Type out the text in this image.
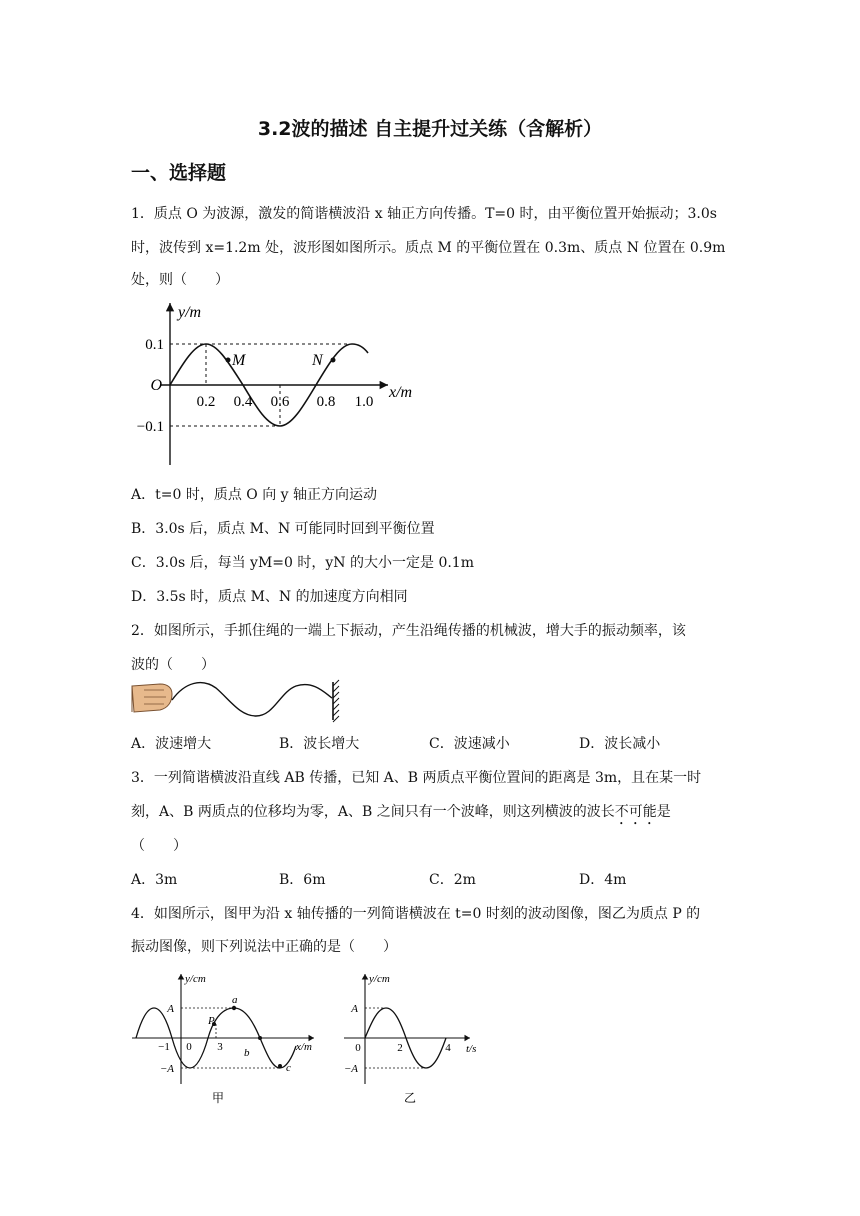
3.2波的描述 自主提升过关练（含解析）
一、选择题
1．质点 O 为波源，激发的简谐横波沿 x 轴正方向传播。T=0 时，由平衡位置开始振动；3.0s
时，波传到 x=1.2m 处，波形图如图所示。质点 M 的平衡位置在 0.3m、质点 N 位置在 0.9m
处，则（　　）
y/m
x/m
0.1
−0.1
O
0.2 0.4 0.6 0.8 1.0
M	N
A．t=0 时，质点 O 向 y 轴正方向运动
B．3.0s 后，质点 M、N 可能同时回到平衡位置
C．3.0s 后，每当 yM=0 时，yN 的大小一定是 0.1m
D．3.5s 时，质点 M、N 的加速度方向相同
2．如图所示，手抓住绳的一端上下振动，产生沿绳传播的机械波，增大手的振动频率，该
波的（　　）
A．波速增大	B．波长增大	C．波速减小	D．波长减小
3．一列简谐横波沿直线 AB 传播，已知 A、B 两质点平衡位置间的距离是 3m，且在某一时
刻，A、B 两质点的位移均为零，A、B 之间只有一个波峰，则这列横波的波长不可能是
（　　）
A．3m	B．6m	C．2m	D．4m
4．如图所示，图甲为沿 x 轴传播的一列简谐横波在 t=0 时刻的波动图像，图乙为质点 P 的
振动图像，则下列说法中正确的是（　　）
y/cm
x/m
A
−A
−1 0 3
P
a
b
c
甲
y/cm
t/s
A
−A
0	2	4
乙
